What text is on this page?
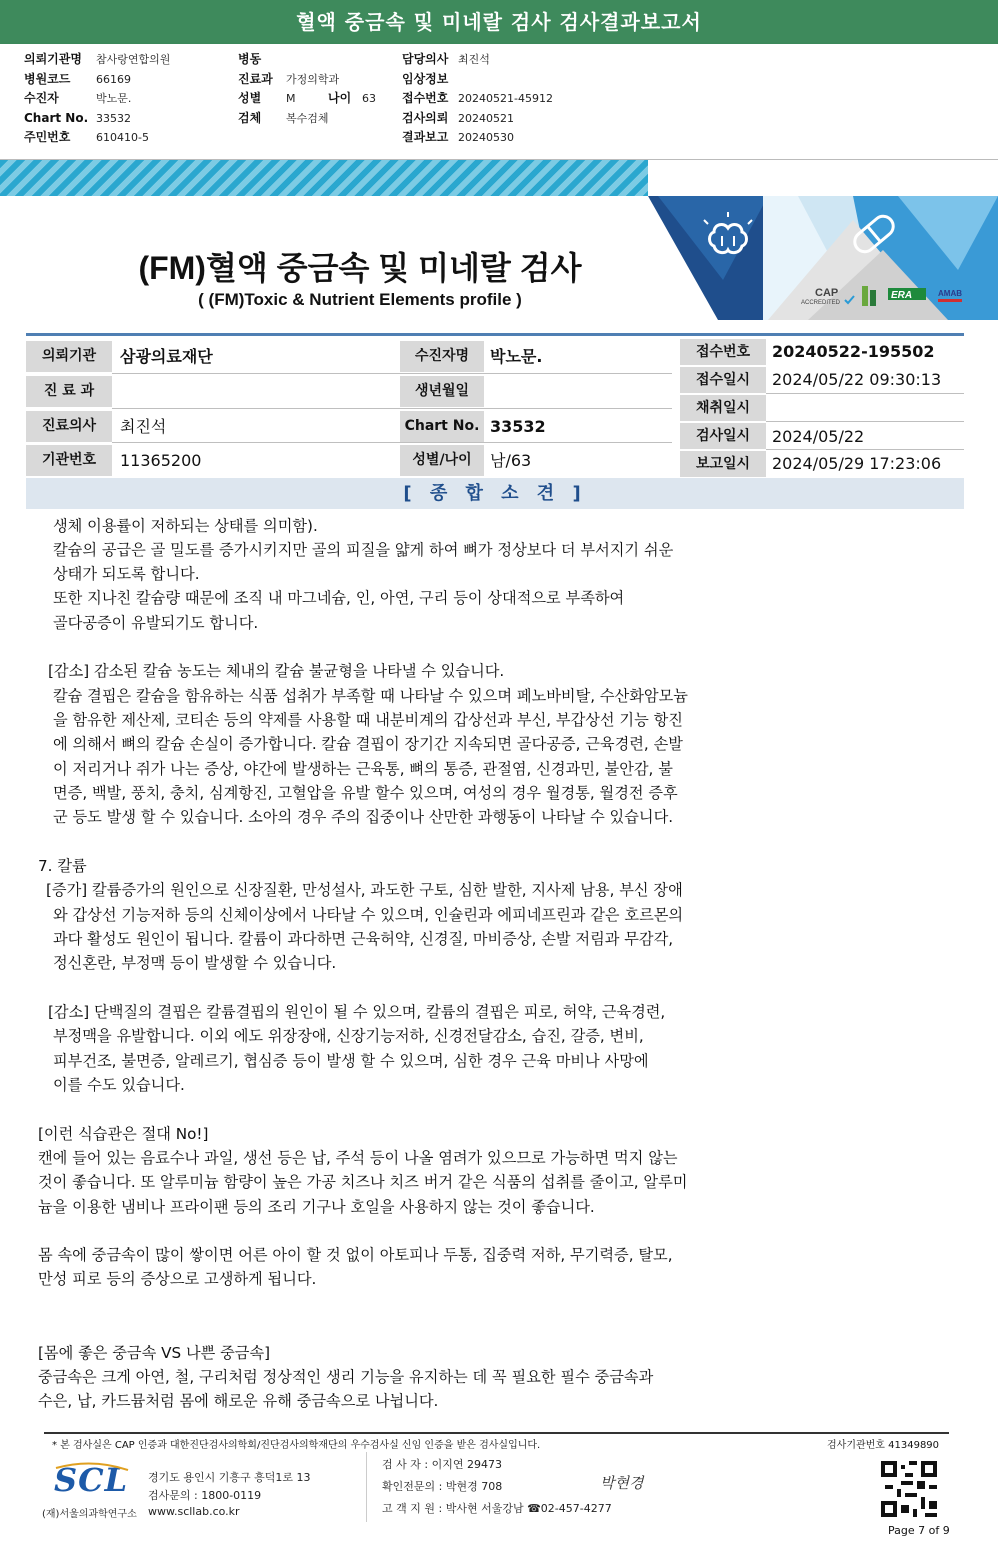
혈액 중금속 및 미네랄 검사 검사결과보고서
의뢰기관명 참사랑연합의원
병원코드 66169
수진자	박노문.
Chart No. 33532
주민번호 610410-5
병동
진료과 가정의학과
성별 M	나이 63
검체 복수검체
담당의사 최진석
임상정보
접수번호 20240521-45912
검사의뢰 20240521
결과보고 20240530
CAP
ACCREDITED
ERA	AMAB
(FM)혈액 중금속 및 미네랄 검사
( (FM)Toxic & Nutrient Elements profile )
의뢰기관	삼광의료재단
진 료 과
진료의사	최진석
기관번호	11365200
수진자명	박노문.
생년월일
Chart No. 33532
성별/나이	남/63
접수번호	20240522-195502
접수일시	2024/05/22 09:30:13
채취일시
검사일시	2024/05/22
보고일시	2024/05/29 17:23:06
[ 종 합 소 견 ]
생체 이용률이 저하되는 상태를 의미함).
칼슘의 공급은 골 밀도를 증가시키지만 골의 피질을 얇게 하여 뼈가 정상보다 더 부서지기 쉬운
상태가 되도록 합니다.
또한 지나친 칼슘량 때문에 조직 내 마그네슘, 인, 아연, 구리 등이 상대적으로 부족하여
골다공증이 유발되기도 합니다.
[감소] 감소된 칼슘 농도는 체내의 칼슘 불균형을 나타낼 수 있습니다.
칼슘 결핍은 칼슘을 함유하는 식품 섭취가 부족할 때 나타날 수 있으며 페노바비탈, 수산화암모늄
을 함유한 제산제, 코티손 등의 약제를 사용할 때 내분비계의 갑상선과 부신, 부갑상선 기능 항진
에 의해서 뼈의 칼슘 손실이 증가합니다. 칼슘 결핍이 장기간 지속되면 골다공증, 근육경련, 손발
이 저리거나 쥐가 나는 증상, 야간에 발생하는 근육통, 뼈의 통증, 관절염, 신경과민, 불안감, 불
면증, 백발, 풍치, 충치, 심계항진, 고혈압을 유발 할수 있으며, 여성의 경우 월경통, 월경전 증후
군 등도 발생 할 수 있습니다. 소아의 경우 주의 집중이나 산만한 과행동이 나타날 수 있습니다.
7. 칼륨
[증가] 칼륨증가의 원인으로 신장질환, 만성설사, 과도한 구토, 심한 발한, 지사제 남용, 부신 장애
와 갑상선 기능저하 등의 신체이상에서 나타날 수 있으며, 인슐린과 에피네프린과 같은 호르몬의
과다 활성도 원인이 됩니다. 칼륨이 과다하면 근육허약, 신경질, 마비증상, 손발 저림과 무감각,
정신혼란, 부정맥 등이 발생할 수 있습니다.
[감소] 단백질의 결핍은 칼륨결핍의 원인이 될 수 있으며, 칼륨의 결핍은 피로, 허약, 근육경련,
부정맥을 유발합니다. 이외 에도 위장장애, 신장기능저하, 신경전달감소, 습진, 갈증, 변비,
피부건조, 불면증, 알레르기, 협심증 등이 발생 할 수 있으며, 심한 경우 근육 마비나 사망에
이를 수도 있습니다.
[이런 식습관은 절대 No!]
캔에 들어 있는 음료수나 과일, 생선 등은 납, 주석 등이 나올 염려가 있으므로 가능하면 먹지 않는
것이 좋습니다. 또 알루미늄 함량이 높은 가공 치즈나 치즈 버거 같은 식품의 섭취를 줄이고, 알루미
늄을 이용한 냄비나 프라이팬 등의 조리 기구나 호일을 사용하지 않는 것이 좋습니다.
몸 속에 중금속이 많이 쌓이면 어른 아이 할 것 없이 아토피나 두통, 집중력 저하, 무기력증, 탈모,
만성 피로 등의 증상으로 고생하게 됩니다.
[몸에 좋은 중금속 VS 나쁜 중금속]
중금속은 크게 아연, 철, 구리처럼 정상적인 생리 기능을 유지하는 데 꼭 필요한 필수 중금속과
수은, 납, 카드뮴처럼 몸에 해로운 유해 중금속으로 나뉩니다.
* 본 검사실은 CAP 인증과 대한진단검사의학회/진단검사의학재단의 우수검사실 신임 인증을 받은 검사실입니다.	검사기관번호 41349890
SCL
(재)서울의과학연구소
경기도 용인시 기흥구 흥덕1로 13
검사문의 : 1800-0119
www.scllab.co.kr
검 사 자 : 이지연 29473
확인전문의 : 박현경 708
고 객 지 원 : 박사현 서울강남 ☎02-457-4277
박현경
Page 7 of 9
